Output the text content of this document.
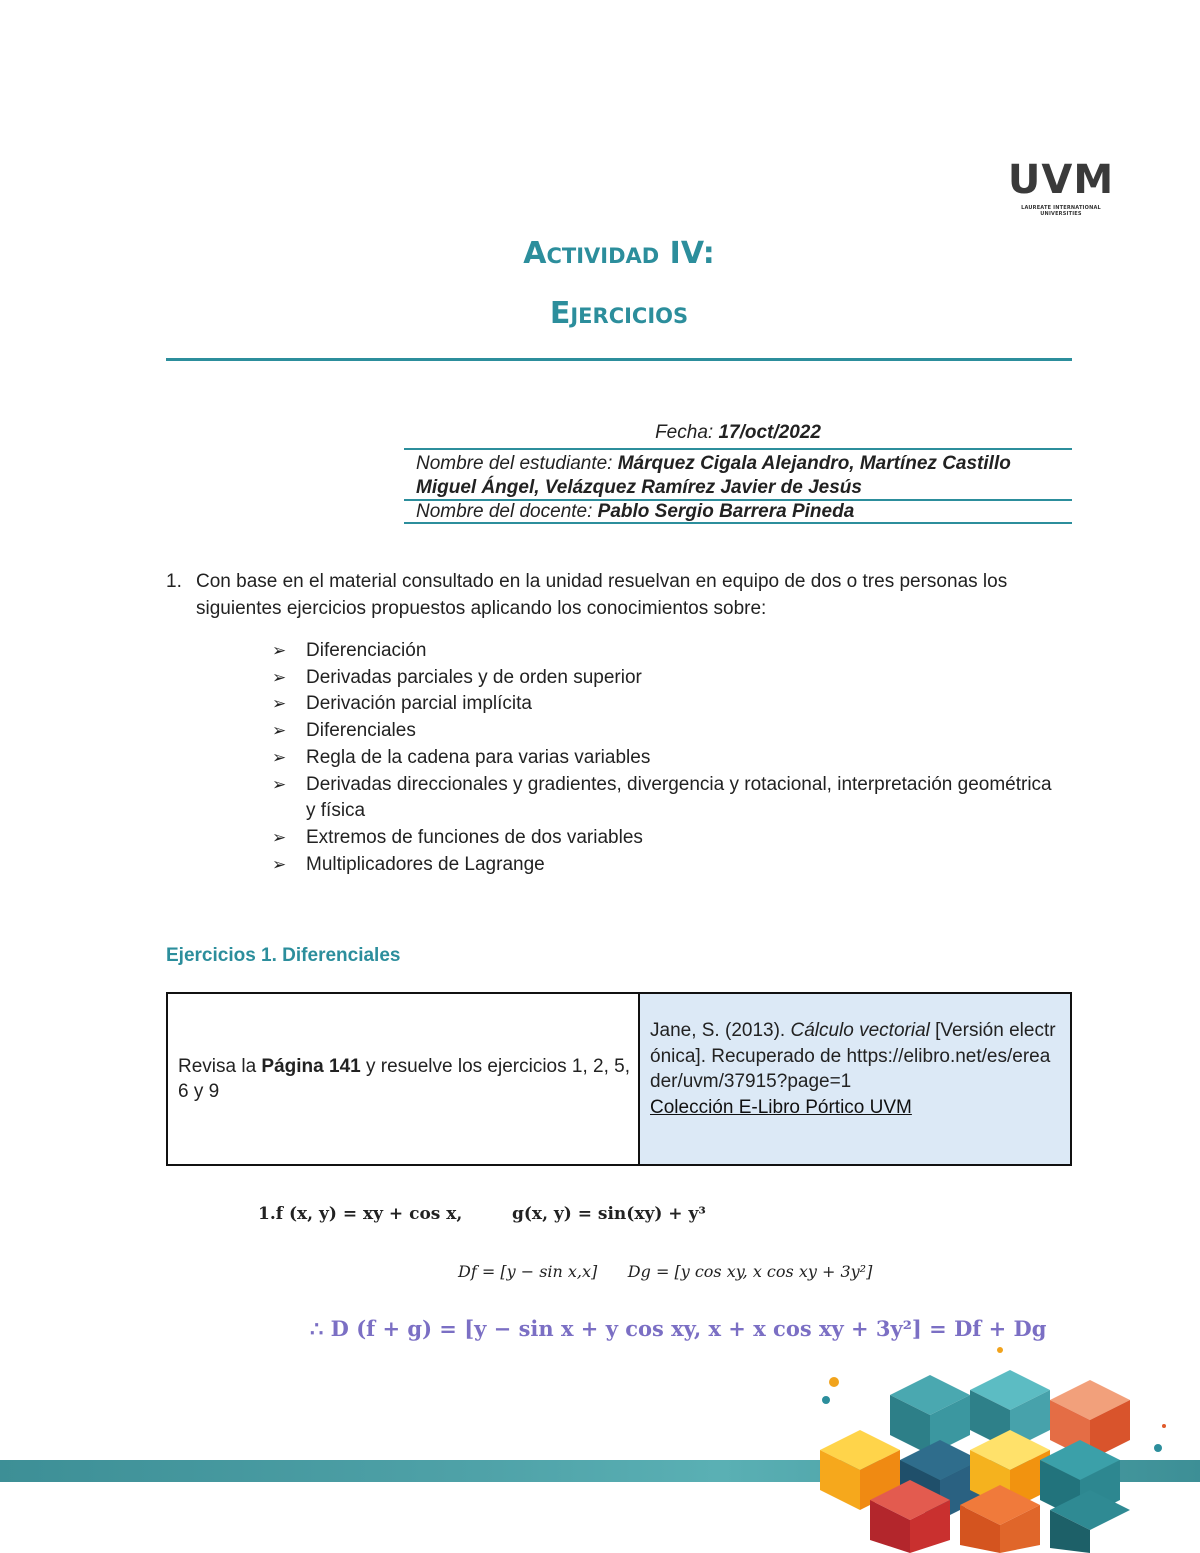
UVM
LAUREATE INTERNATIONAL UNIVERSITIES
Actividad IV:
Ejercicios
Fecha: 17/oct/2022
Nombre del estudiante: Márquez Cigala Alejandro, Martínez Castillo Miguel Ángel, Velázquez Ramírez Javier de Jesús
Nombre del docente: Pablo Sergio Barrera Pineda
1. Con base en el material consultado en la unidad resuelvan en equipo de dos o tres personas los siguientes ejercicios propuestos aplicando los conocimientos sobre:
➢ Diferenciación
➢ Derivadas parciales y de orden superior
➢ Derivación parcial implícita
➢ Diferenciales
➢ Regla de la cadena para varias variables
➢ Derivadas direccionales y gradientes, divergencia y rotacional, interpretación geométrica y física
➢ Extremos de funciones de dos variables
➢ Multiplicadores de Lagrange
Ejercicios 1. Diferenciales
Revisa la Página 141 y resuelve los ejercicios 1, 2, 5, 6 y 9
Jane, S. (2013). Cálculo vectorial [Versión electrónica]. Recuperado de https://elibro.net/es/ereader/uvm/37915?page=1
Colección E-Libro Pórtico UVM
1.f (x, y) = xy + cos x,	g(x, y) = sin(xy) + y³
Df = [y − sin x,x]      Dg = [y cos xy, x cos xy + 3y²]
∴ D (f + g) = [y − sin x + y cos xy, x + x cos xy + 3y²] = Df + Dg
